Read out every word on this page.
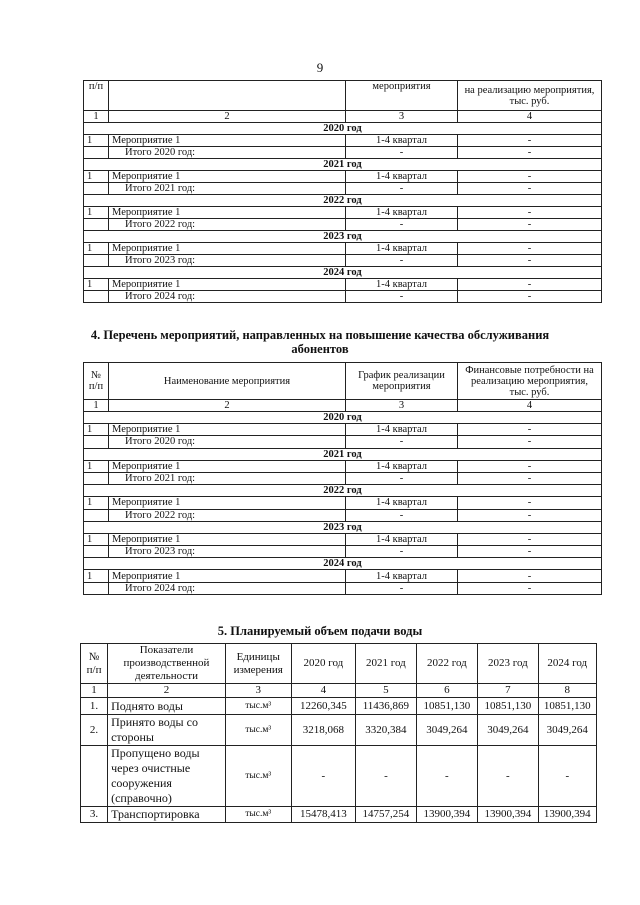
9
п/п		мероприятия	на реализацию мероприятия, тыс. руб.
1	2	3	4
2020 год			
1	Мероприятие 1	1-4 квартал	-
	Итого 2020 год:	-	-
2021 год			
1	Мероприятие 1	1-4 квартал	-
	Итого 2021 год:	-	-
2022 год			
1	Мероприятие 1	1-4 квартал	-
	Итого 2022 год:	-	-
2023 год			
1	Мероприятие 1	1-4 квартал	-
	Итого 2023 год:	-	-
2024 год			
1	Мероприятие 1	1-4 квартал	-
	Итого 2024 год:	-	-
4. Перечень мероприятий, направленных на повышение качества обслуживания
абонентов
№ п/п	Наименование мероприятия	График реализации мероприятия	Финансовые потребности на реализацию мероприятия, тыс. руб.
1	2	3	4
2020 год			
1	Мероприятие 1	1-4 квартал	-
	Итого 2020 год:	-	-
2021 год			
1	Мероприятие 1	1-4 квартал	-
	Итого 2021 год:	-	-
2022 год			
1	Мероприятие 1	1-4 квартал	-
	Итого 2022 год:	-	-
2023 год			
1	Мероприятие 1	1-4 квартал	-
	Итого 2023 год:	-	-
2024 год			
1	Мероприятие 1	1-4 квартал	-
	Итого 2024 год:	-	-
5. Планируемый объем подачи воды
№ п/п	Показатели производственной деятельности	Единицы измерения	2020 год	2021 год	2022 год	2023 год	2024 год
1	2	3	4	5	6	7	8
1.	Поднято воды	тыс.м³	12260,345	11436,869	10851,130	10851,130	10851,130
2.	Принято воды со стороны	тыс.м³	3218,068	3320,384	3049,264	3049,264	3049,264
	Пропущено воды через очистные сооружения (справочно)	тыс.м³	-	-	-	-	-
3.	Транспортировка	тыс.м³	15478,413	14757,254	13900,394	13900,394	13900,394
